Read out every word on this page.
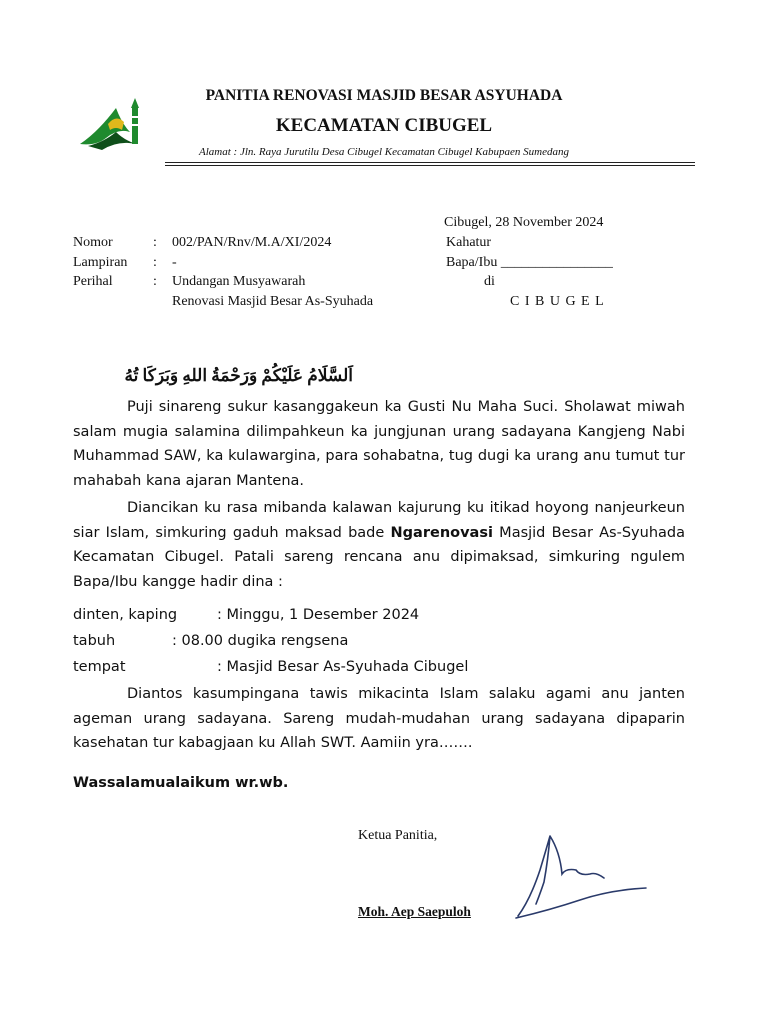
PANITIA RENOVASI MASJID BESAR ASYUHADA
KECAMATAN CIBUGEL
Alamat : Jln. Raya Jurutilu Desa Cibugel Kecamatan Cibugel Kabupaen Sumedang
Cibugel, 28 November 2024
Kahatur
Bapa/Ibu ________________
di
C I B U G E L
Nomor	: 002/PAN/Rnv/M.A/XI/2024
Lampiran : -
Perihal	: Undangan Musyawarah
Renovasi Masjid Besar As-Syuhada
اَلسَّلَامُ عَلَيْكُمْ وَرَحْمَةُ اللهِ وَبَرَكَا تُهُ
Puji sinareng sukur kasanggakeun ka Gusti Nu Maha Suci. Sholawat miwah salam mugia salamina dilimpahkeun ka jungjunan urang sadayana Kangjeng Nabi Muhammad SAW, ka kulawargina, para sohabatna, tug dugi ka urang anu tumut tur mahabah kana ajaran Mantena.
Diancikan ku rasa mibanda kalawan kajurung ku itikad hoyong nanjeurkeun siar Islam, simkuring gaduh maksad bade Ngarenovasi Masjid Besar As-Syuhada Kecamatan Cibugel. Patali sareng rencana anu dipimaksad, simkuring ngulem Bapa/Ibu kangge hadir dina :
dinten, kaping	: Minggu, 1 Desember 2024
tabuh	: 08.00 dugika rengsena
tempat	: Masjid Besar As-Syuhada Cibugel
Diantos kasumpingana tawis mikacinta Islam salaku agami anu janten ageman urang sadayana. Sareng mudah-mudahan urang sadayana dipaparin kasehatan tur kabagjaan ku Allah SWT. Aamiin yra…….
Wassalamualaikum wr.wb.
Ketua Panitia,
Moh. Aep Saepuloh
